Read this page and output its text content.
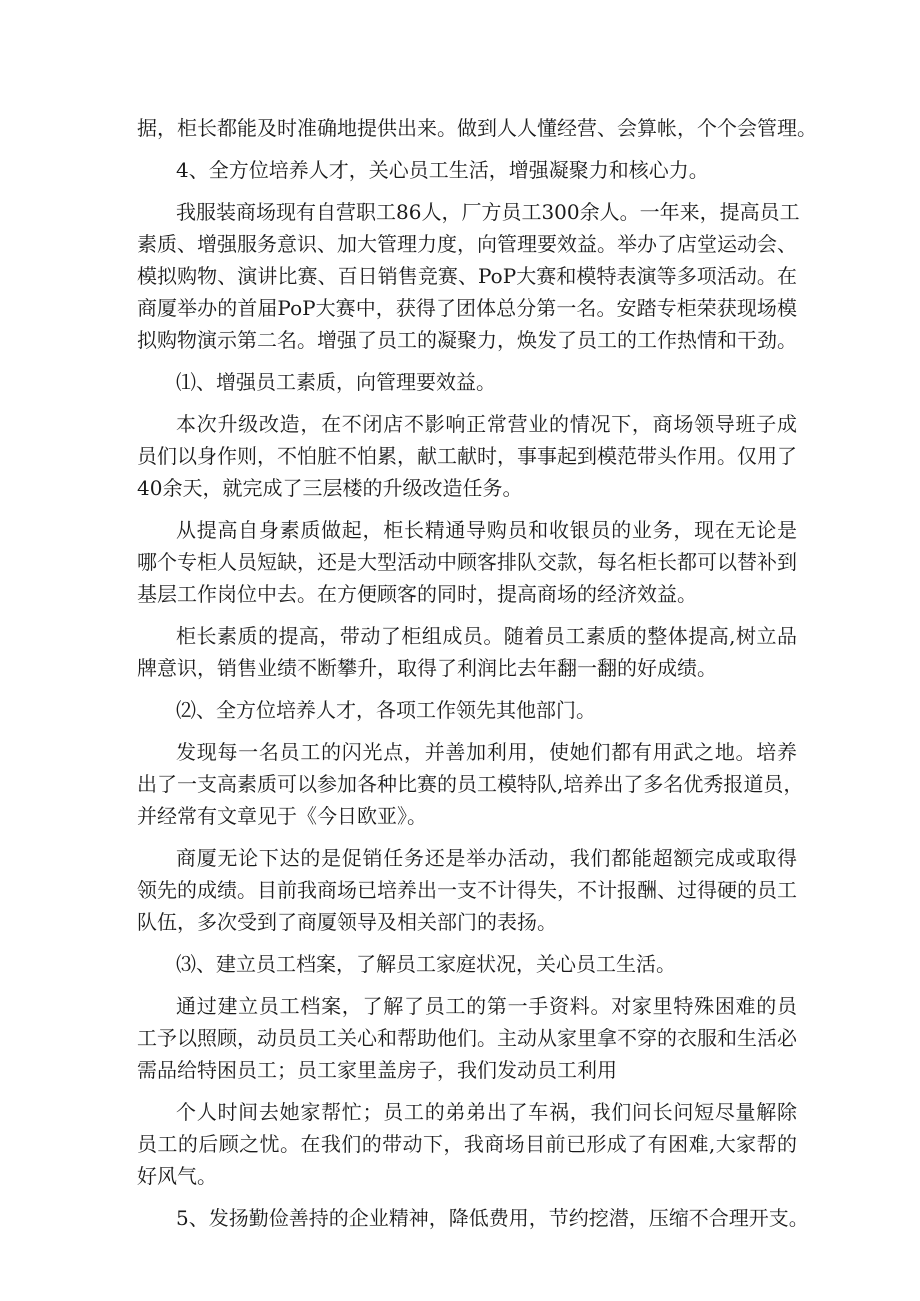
据，柜长都能及时准确地提供出来。做到人人懂经营、会算帐，个个会管理。
4、全方位培养人才，关心员工生活，增强凝聚力和核心力。
我服装商场现有自营职工86人，厂方员工300余人。一年来，提高员工
素质、增强服务意识、加大管理力度，向管理要效益。举办了店堂运动会、
模拟购物、演讲比赛、百日销售竞赛、PoP大赛和模特表演等多项活动。在
商厦举办的首届PoP大赛中，获得了团体总分第一名。安踏专柜荣获现场模
拟购物演示第二名。增强了员工的凝聚力，焕发了员工的工作热情和干劲。
⑴、增强员工素质，向管理要效益。
本次升级改造，在不闭店不影响正常营业的情况下，商场领导班子成
员们以身作则，不怕脏不怕累，献工献时，事事起到模范带头作用。仅用了
40余天，就完成了三层楼的升级改造任务。
从提高自身素质做起，柜长精通导购员和收银员的业务，现在无论是
哪个专柜人员短缺，还是大型活动中顾客排队交款，每名柜长都可以替补到
基层工作岗位中去。在方便顾客的同时，提高商场的经济效益。
柜长素质的提高，带动了柜组成员。随着员工素质的整体提高,树立品
牌意识，销售业绩不断攀升，取得了利润比去年翻一翻的好成绩。
⑵、全方位培养人才，各项工作领先其他部门。
发现每一名员工的闪光点，并善加利用，使她们都有用武之地。培养
出了一支高素质可以参加各种比赛的员工模特队,培养出了多名优秀报道员，
并经常有文章见于《今日欧亚》。
商厦无论下达的是促销任务还是举办活动，我们都能超额完成或取得
领先的成绩。目前我商场已培养出一支不计得失，不计报酬、过得硬的员工
队伍，多次受到了商厦领导及相关部门的表扬。
⑶、建立员工档案，了解员工家庭状况，关心员工生活。
通过建立员工档案，了解了员工的第一手资料。对家里特殊困难的员
工予以照顾，动员员工关心和帮助他们。主动从家里拿不穿的衣服和生活必
需品给特困员工；员工家里盖房子，我们发动员工利用
个人时间去她家帮忙；员工的弟弟出了车祸，我们问长问短尽量解除
员工的后顾之忧。在我们的带动下，我商场目前已形成了有困难,大家帮的
好风气。
5、发扬勤俭善持的企业精神，降低费用，节约挖潜，压缩不合理开支。
